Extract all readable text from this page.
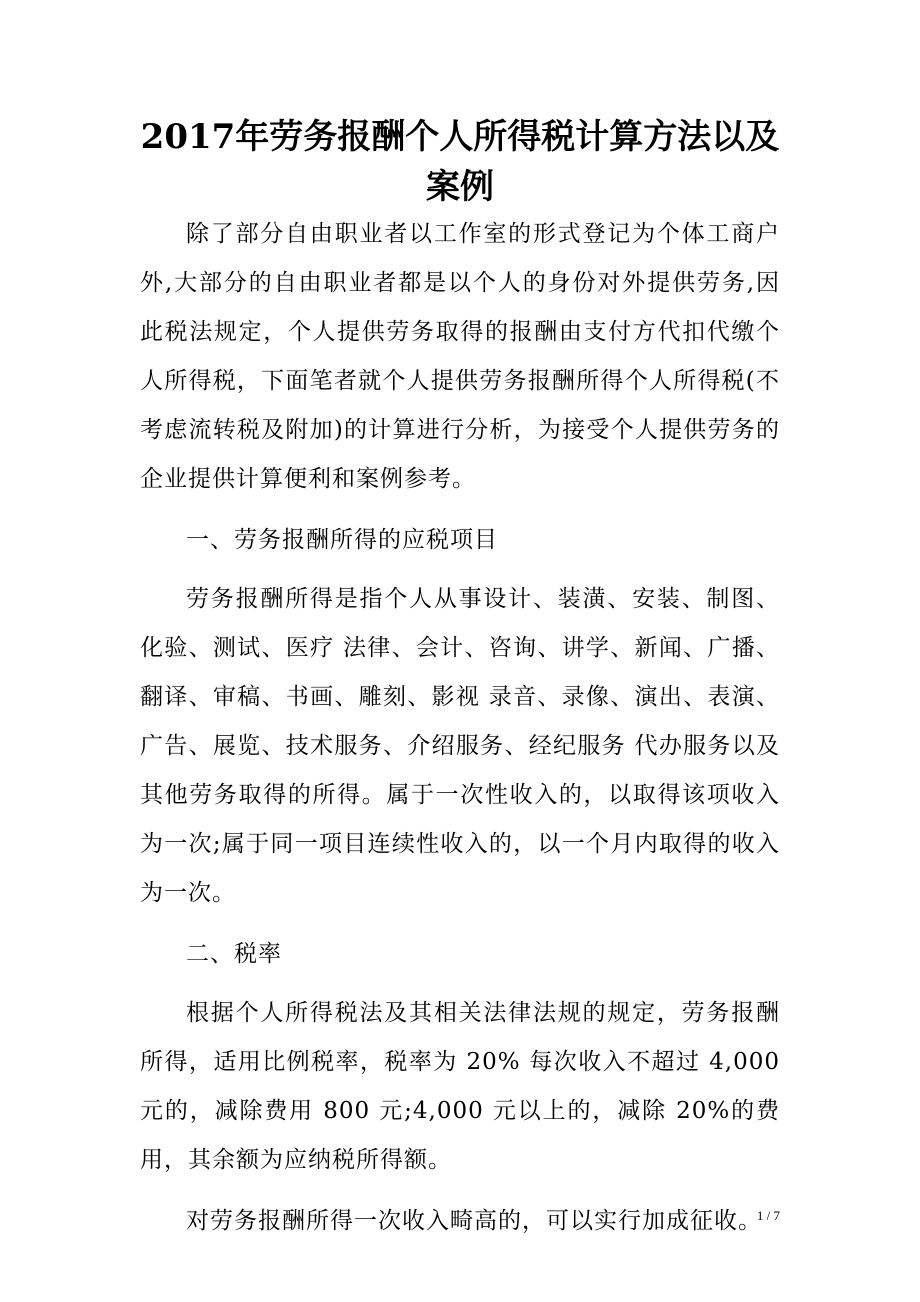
2017年劳务报酬个人所得税计算方法以及案例

除了部分自由职业者以工作室的形式登记为个体工商户外,大部分的自由职业者都是以个人的身份对外提供劳务,因此税法规定，个人提供劳务取得的报酬由支付方代扣代缴个人所得税，下面笔者就个人提供劳务报酬所得个人所得税(不考虑流转税及附加)的计算进行分析，为接受个人提供劳务的企业提供计算便利和案例参考。

一、劳务报酬所得的应税项目

劳务报酬所得是指个人从事设计、装潢、安装、制图、化验、测试、医疗 法律、会计、咨询、讲学、新闻、广播、翻译、审稿、书画、雕刻、影视 录音、录像、演出、表演、广告、展览、技术服务、介绍服务、经纪服务 代办服务以及其他劳务取得的所得。属于一次性收入的，以取得该项收入为一次;属于同一项目连续性收入的，以一个月内取得的收入为一次。

二、税率

根据个人所得税法及其相关法律法规的规定，劳务报酬所得，适用比例税率，税率为 20% 每次收入不超过 4,000 元的，减除费用 800 元;4,000 元以上的，减除 20%的费用，其余额为应纳税所得额。

对劳务报酬所得一次收入畸高的，可以实行加成征收。

1 / 7
